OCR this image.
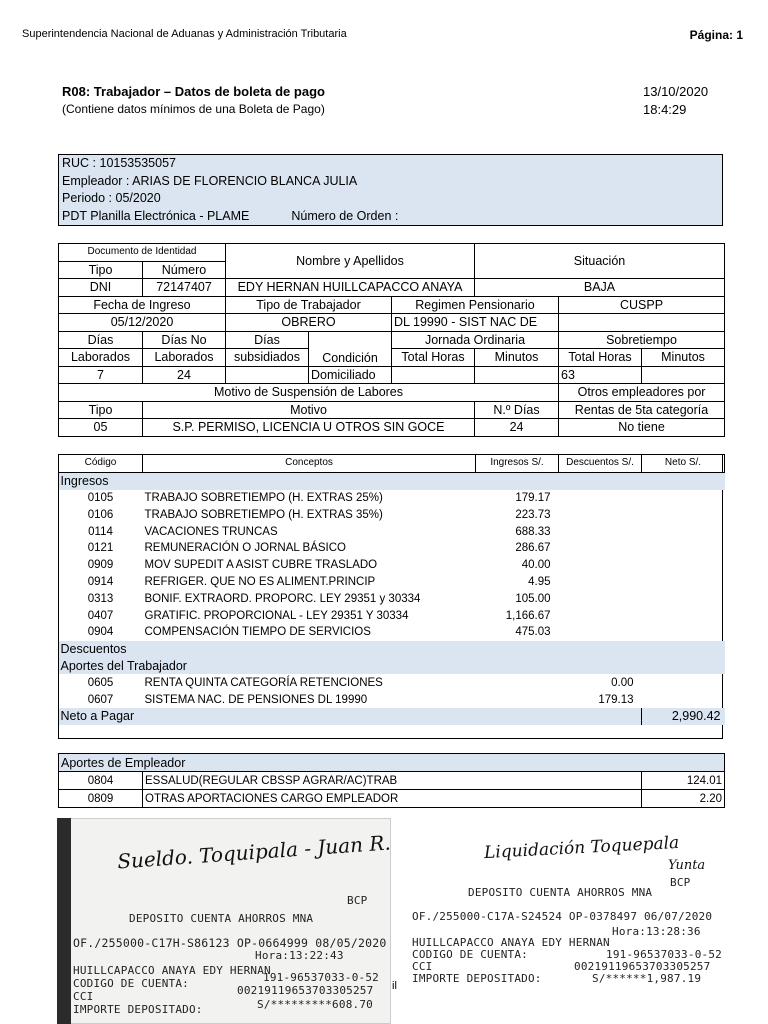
Superintendencia Nacional de Aduanas y Administración Tributaria	Página: 1
R08: Trabajador – Datos de boleta de pago
(Contiene datos mínimos de una Boleta de Pago)
13/10/2020
18:4:29
RUC : 10153535057
Empleador : ARIAS DE FLORENCIO BLANCA JULIA
Periodo : 05/2020
PDT Planilla Electrónica - PLAME	Número de Orden :
Documento de Identidad		Nombre y Apellidos			Situación		
Tipo	Número						
DNI	72147407	EDY HERNAN HUILLCAPACCO ANAYA			BAJA		
Fecha de Ingreso		Tipo de Trabajador		Regimen Pensionario		CUSPP	
05/12/2020		OBRERO		DL 19990 - SIST NAC DE			
Días	Días No	Días	Condición	Jornada Ordinaria		Sobretiempo	
Laborados	Laborados	subsidiados		Total Horas	Minutos	Total Horas	Minutos
7	24		Domiciliado			63	
Motivo de Suspensión de Labores						Otros empleadores por	
Tipo	Motivo				N.º Días	Rentas de 5ta categoría	
05	S.P. PERMISO, LICENCIA U OTROS SIN GOCE				24	No tiene	
Código	Conceptos	Ingresos S/.	Descuentos S/.	Neto S/.
Ingresos				
0105	TRABAJO SOBRETIEMPO (H. EXTRAS 25%)	179.17		
0106	TRABAJO SOBRETIEMPO (H. EXTRAS 35%)	223.73		
0114	VACACIONES TRUNCAS	688.33		
0121	REMUNERACIÓN O JORNAL BÁSICO	286.67		
0909	MOV SUPEDIT A ASIST CUBRE TRASLADO	40.00		
0914	REFRIGER. QUE NO ES ALIMENT.PRINCIP	4.95		
0313	BONIF. EXTRAORD. PROPORC. LEY 29351 y 30334	105.00		
0407	GRATIFIC. PROPORCIONAL - LEY 29351 Y 30334	1,166.67		
0904	COMPENSACIÓN TIEMPO DE SERVICIOS	475.03		
Descuentos				
Aportes del Trabajador				
0605	RENTA QUINTA CATEGORÍA RETENCIONES		0.00	
0607	SISTEMA NAC. DE PENSIONES DL 19990		179.13	
Neto a Pagar				2,990.42
Aportes de Empleador		
0804	ESSALUD(REGULAR CBSSP AGRAR/AC)TRAB	124.01
0809	OTRAS APORTACIONES CARGO EMPLEADOR	2.20
Sueldo. Toquipala - Juan R.
BCP
DEPOSITO CUENTA AHORROS MNA
OF./255000-C17H-S86123 OP-0664999 08/05/2020
Hora:13:22:43
HUILLCAPACCO ANAYA EDY HERNAN
CODIGO DE CUENTA:	191-96537033-0-52
CCI	00219119653703305257
IMPORTE DEPOSITADO:	S/*********608.70
il
Liquidación Toquepala
Yunta
BCP
DEPOSITO CUENTA AHORROS MNA
OF./255000-C17A-S24524 OP-0378497 06/07/2020
Hora:13:28:36
HUILLCAPACCO ANAYA EDY HERNAN
CODIGO DE CUENTA:	191-96537033-0-52
CCI	00219119653703305257
IMPORTE DEPOSITADO:	S/******1,987.19
